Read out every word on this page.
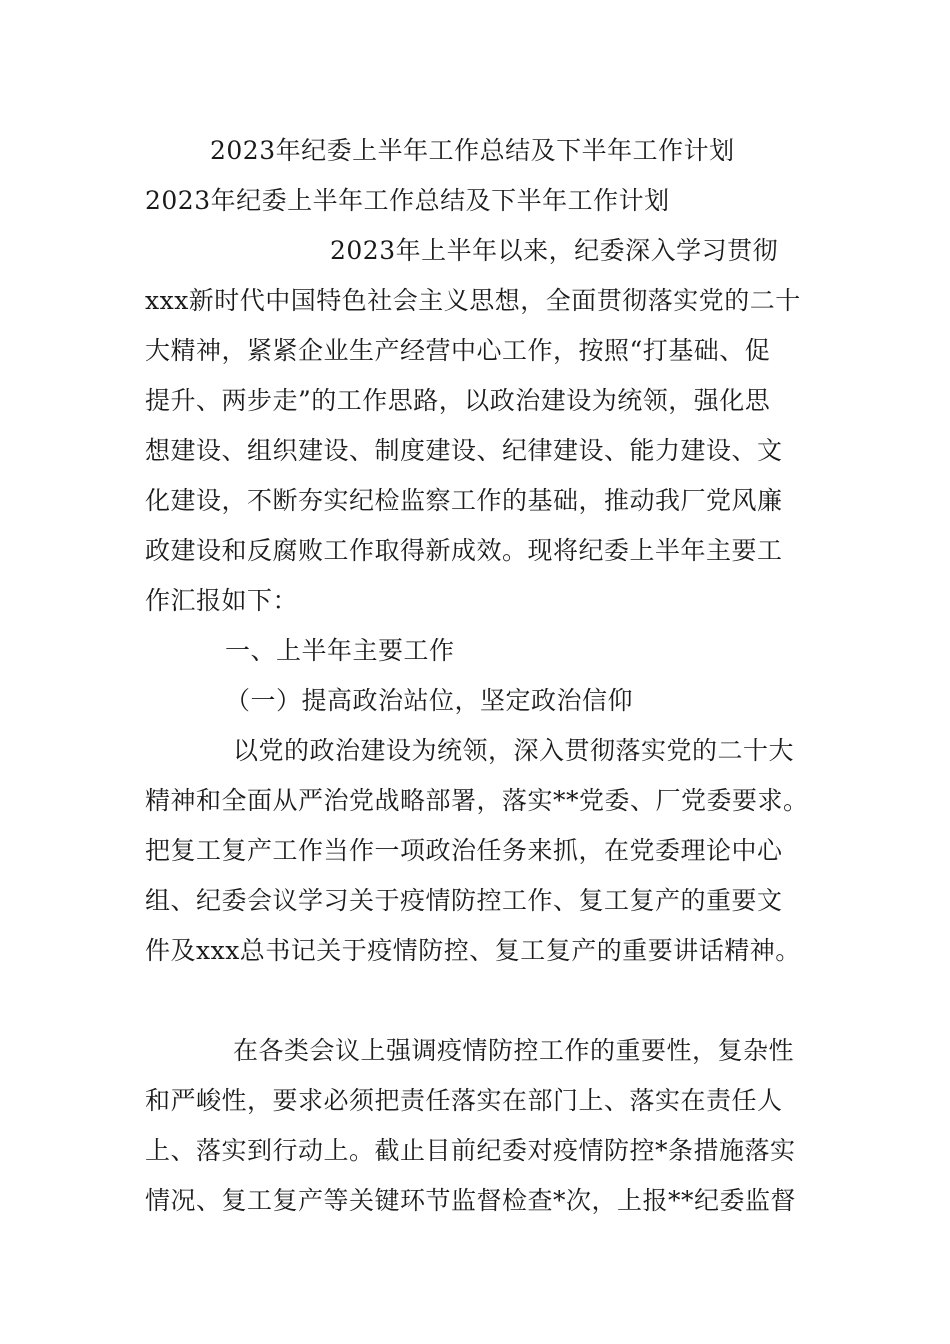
2023年纪委上半年工作总结及下半年工作计划
2023年纪委上半年工作总结及下半年工作计划
2023年上半年以来，纪委深入学习贯彻
xxx新时代中国特色社会主义思想，全面贯彻落实党的二十
大精神，紧紧企业生产经营中心工作，按照“打基础、促
提升、两步走”的工作思路，以政治建设为统领，强化思
想建设、组织建设、制度建设、纪律建设、能力建设、文
化建设，不断夯实纪检监察工作的基础，推动我厂党风廉
政建设和反腐败工作取得新成效。现将纪委上半年主要工
作汇报如下：
一、上半年主要工作
（一）提高政治站位，坚定政治信仰
以党的政治建设为统领，深入贯彻落实党的二十大
精神和全面从严治党战略部署，落实**党委、厂党委要求。
把复工复产工作当作一项政治任务来抓，在党委理论中心
组、纪委会议学习关于疫情防控工作、复工复产的重要文
件及xxx总书记关于疫情防控、复工复产的重要讲话精神。
在各类会议上强调疫情防控工作的重要性，复杂性
和严峻性，要求必须把责任落实在部门上、落实在责任人
上、落实到行动上。截止目前纪委对疫情防控*条措施落实
情况、复工复产等关键环节监督检查*次，上报**纪委监督
